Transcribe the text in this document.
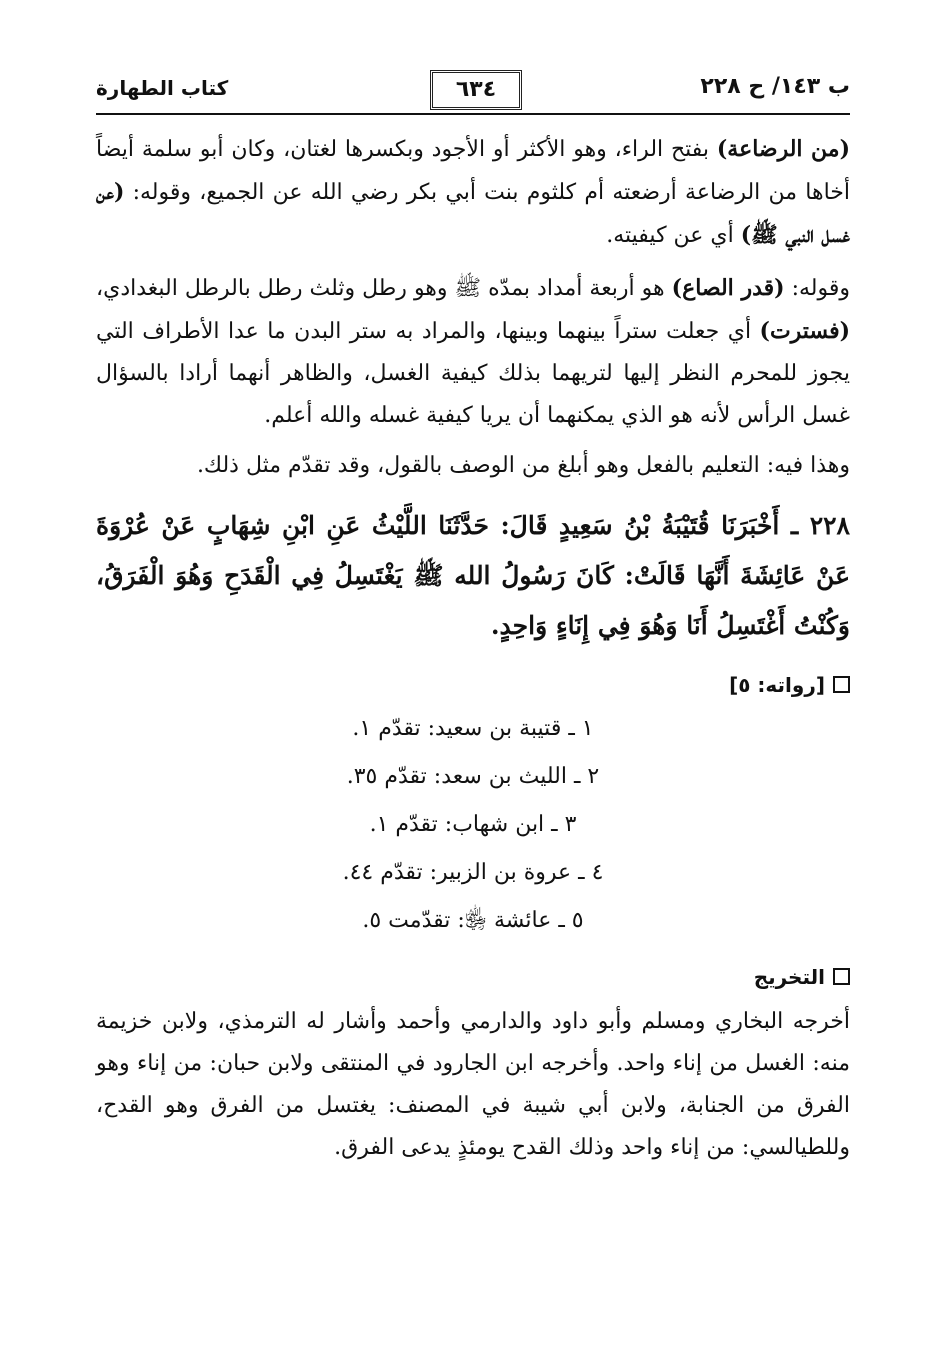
ب ١٤٣/ ح ٢٢٨
٦٣٤
كتاب الطهارة

(من الرضاعة) بفتح الراء، وهو الأكثر أو الأجود وبكسرها لغتان، وكان أبو سلمة أيضاً أخاها من الرضاعة أرضعته أم كلثوم بنت أبي بكر رضي الله عن الجميع، وقوله: (عن غسل النبي ﷺ) أي عن كيفيته.

وقوله: (قدر الصاع) هو أربعة أمداد بمدّه ﷺ وهو رطل وثلث رطل بالرطل البغدادي، (فسترت) أي جعلت ستراً بينهما وبينها، والمراد به ستر البدن ما عدا الأطراف التي يجوز للمحرم النظر إليها لتريهما بذلك كيفية الغسل، والظاهر أنهما أرادا بالسؤال غسل الرأس لأنه هو الذي يمكنهما أن يريا كيفية غسله والله أعلم.

وهذا فيه: التعليم بالفعل وهو أبلغ من الوصف بالقول، وقد تقدّم مثل ذلك.

٢٢٨ ـ أَخْبَرَنَا قُتَيْبَةُ بْنُ سَعِيدٍ قَالَ: حَدَّثَنَا اللَّيْثُ عَنِ ابْنِ شِهَابٍ عَنْ عُرْوَةَ عَنْ عَائِشَةَ أَنَّهَا قَالَتْ: كَانَ رَسُولُ الله ﷺ يَغْتَسِلُ فِي الْقَدَحِ وَهُوَ الْفَرَقُ، وَكُنْتُ أَغْتَسِلُ أَنَا وَهُوَ فِي إِنَاءٍ وَاحِدٍ.

[رواته: ٥]
١ ـ قتيبة بن سعيد: تقدّم ١.
٢ ـ الليث بن سعد: تقدّم ٣٥.
٣ ـ ابن شهاب: تقدّم ١.
٤ ـ عروة بن الزبير: تقدّم ٤٤.
٥ ـ عائشة ﵂: تقدّمت ٥.
التخريج

أخرجه البخاري ومسلم وأبو داود والدارمي وأحمد وأشار له الترمذي، ولابن خزيمة منه: الغسل من إناء واحد. وأخرجه ابن الجارود في المنتقى ولابن حبان: من إناء وهو الفرق من الجنابة، ولابن أبي شيبة في المصنف: يغتسل من الفرق وهو القدح، وللطيالسي: من إناء واحد وذلك القدح يومئذٍ يدعى الفرق.
